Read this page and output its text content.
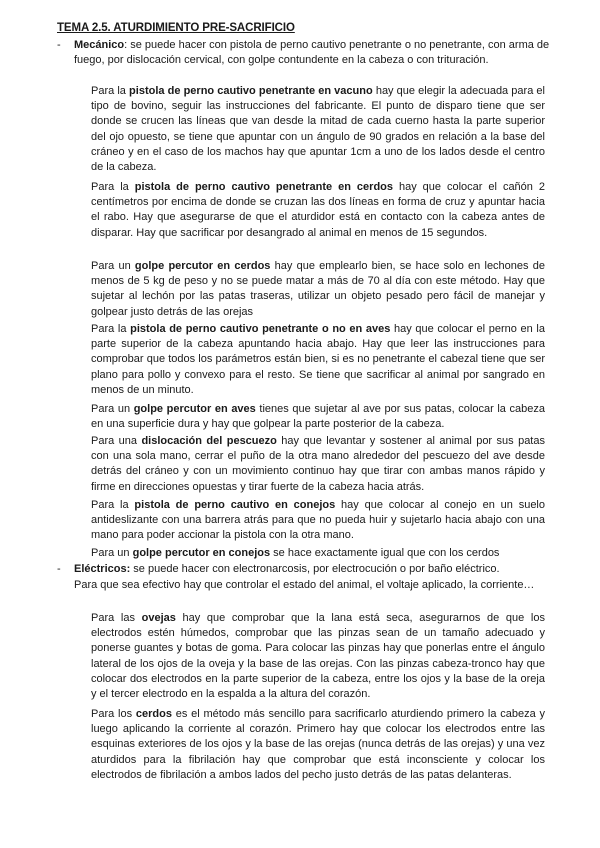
TEMA 2.5. ATURDIMIENTO PRE-SACRIFICIO
- Mecánico: se puede hacer con pistola de perno cautivo penetrante o no penetrante, con arma de fuego, por dislocación cervical, con golpe contundente en la cabeza o con trituración.
Para la pistola de perno cautivo penetrante en vacuno hay que elegir la adecuada para el tipo de bovino, seguir las instrucciones del fabricante. El punto de disparo tiene que ser donde se crucen las líneas que van desde la mitad de cada cuerno hasta la parte superior del ojo opuesto, se tiene que apuntar con un ángulo de 90 grados en relación a la base del cráneo y en el caso de los machos hay que apuntar 1cm a uno de los lados desde el centro de la cabeza.
Para la pistola de perno cautivo penetrante en cerdos hay que colocar el cañón 2 centímetros por encima de donde se cruzan las dos líneas en forma de cruz y apuntar hacia el rabo. Hay que asegurarse de que el aturdidor está en contacto con la cabeza antes de disparar. Hay que sacrificar por desangrado al animal en menos de 15 segundos.
Para un golpe percutor en cerdos hay que emplearlo bien, se hace solo en lechones de menos de 5 kg de peso y no se puede matar a más de 70 al día con este método. Hay que sujetar al lechón por las patas traseras, utilizar un objeto pesado pero fácil de manejar y golpear justo detrás de las orejas
Para la pistola de perno cautivo penetrante o no en aves hay que colocar el perno en la parte superior de la cabeza apuntando hacia abajo. Hay que leer las instrucciones para comprobar que todos los parámetros están bien, si es no penetrante el cabezal tiene que ser plano para pollo y convexo para el resto. Se tiene que sacrificar al animal por sangrado en menos de un minuto.
Para un golpe percutor en aves tienes que sujetar al ave por sus patas, colocar la cabeza en una superficie dura y hay que golpear la parte posterior de la cabeza.
Para una dislocación del pescuezo hay que levantar y sostener al animal por sus patas con una sola mano, cerrar el puño de la otra mano alrededor del pescuezo del ave desde detrás del cráneo y con un movimiento continuo hay que tirar con ambas manos rápido y firme en direcciones opuestas y tirar fuerte de la cabeza hacia atrás.
Para la pistola de perno cautivo en conejos hay que colocar al conejo en un suelo antideslizante con una barrera atrás para que no pueda huir y sujetarlo hacia abajo con una mano para poder accionar la pistola con la otra mano.
Para un golpe percutor en conejos se hace exactamente igual que con los cerdos
- Eléctricos: se puede hacer con electronarcosis, por electrocución o por baño eléctrico.
Para que sea efectivo hay que controlar el estado del animal, el voltaje aplicado, la corriente…
Para las ovejas hay que comprobar que la lana está seca, asegurarnos de que los electrodos estén húmedos, comprobar que las pinzas sean de un tamaño adecuado y ponerse guantes y botas de goma. Para colocar las pinzas hay que ponerlas entre el ángulo lateral de los ojos de la oveja y la base de las orejas. Con las pinzas cabeza-tronco hay que colocar dos electrodos en la parte superior de la cabeza, entre los ojos y la base de la oreja y el tercer electrodo en la espalda a la altura del corazón.
Para los cerdos es el método más sencillo para sacrificarlo aturdiendo primero la cabeza y luego aplicando la corriente al corazón. Primero hay que colocar los electrodos entre las esquinas exteriores de los ojos y la base de las orejas (nunca detrás de las orejas) y una vez aturdidos para la fibrilación hay que comprobar que está inconsciente y colocar los electrodos de fibrilación a ambos lados del pecho justo detrás de las patas delanteras.
